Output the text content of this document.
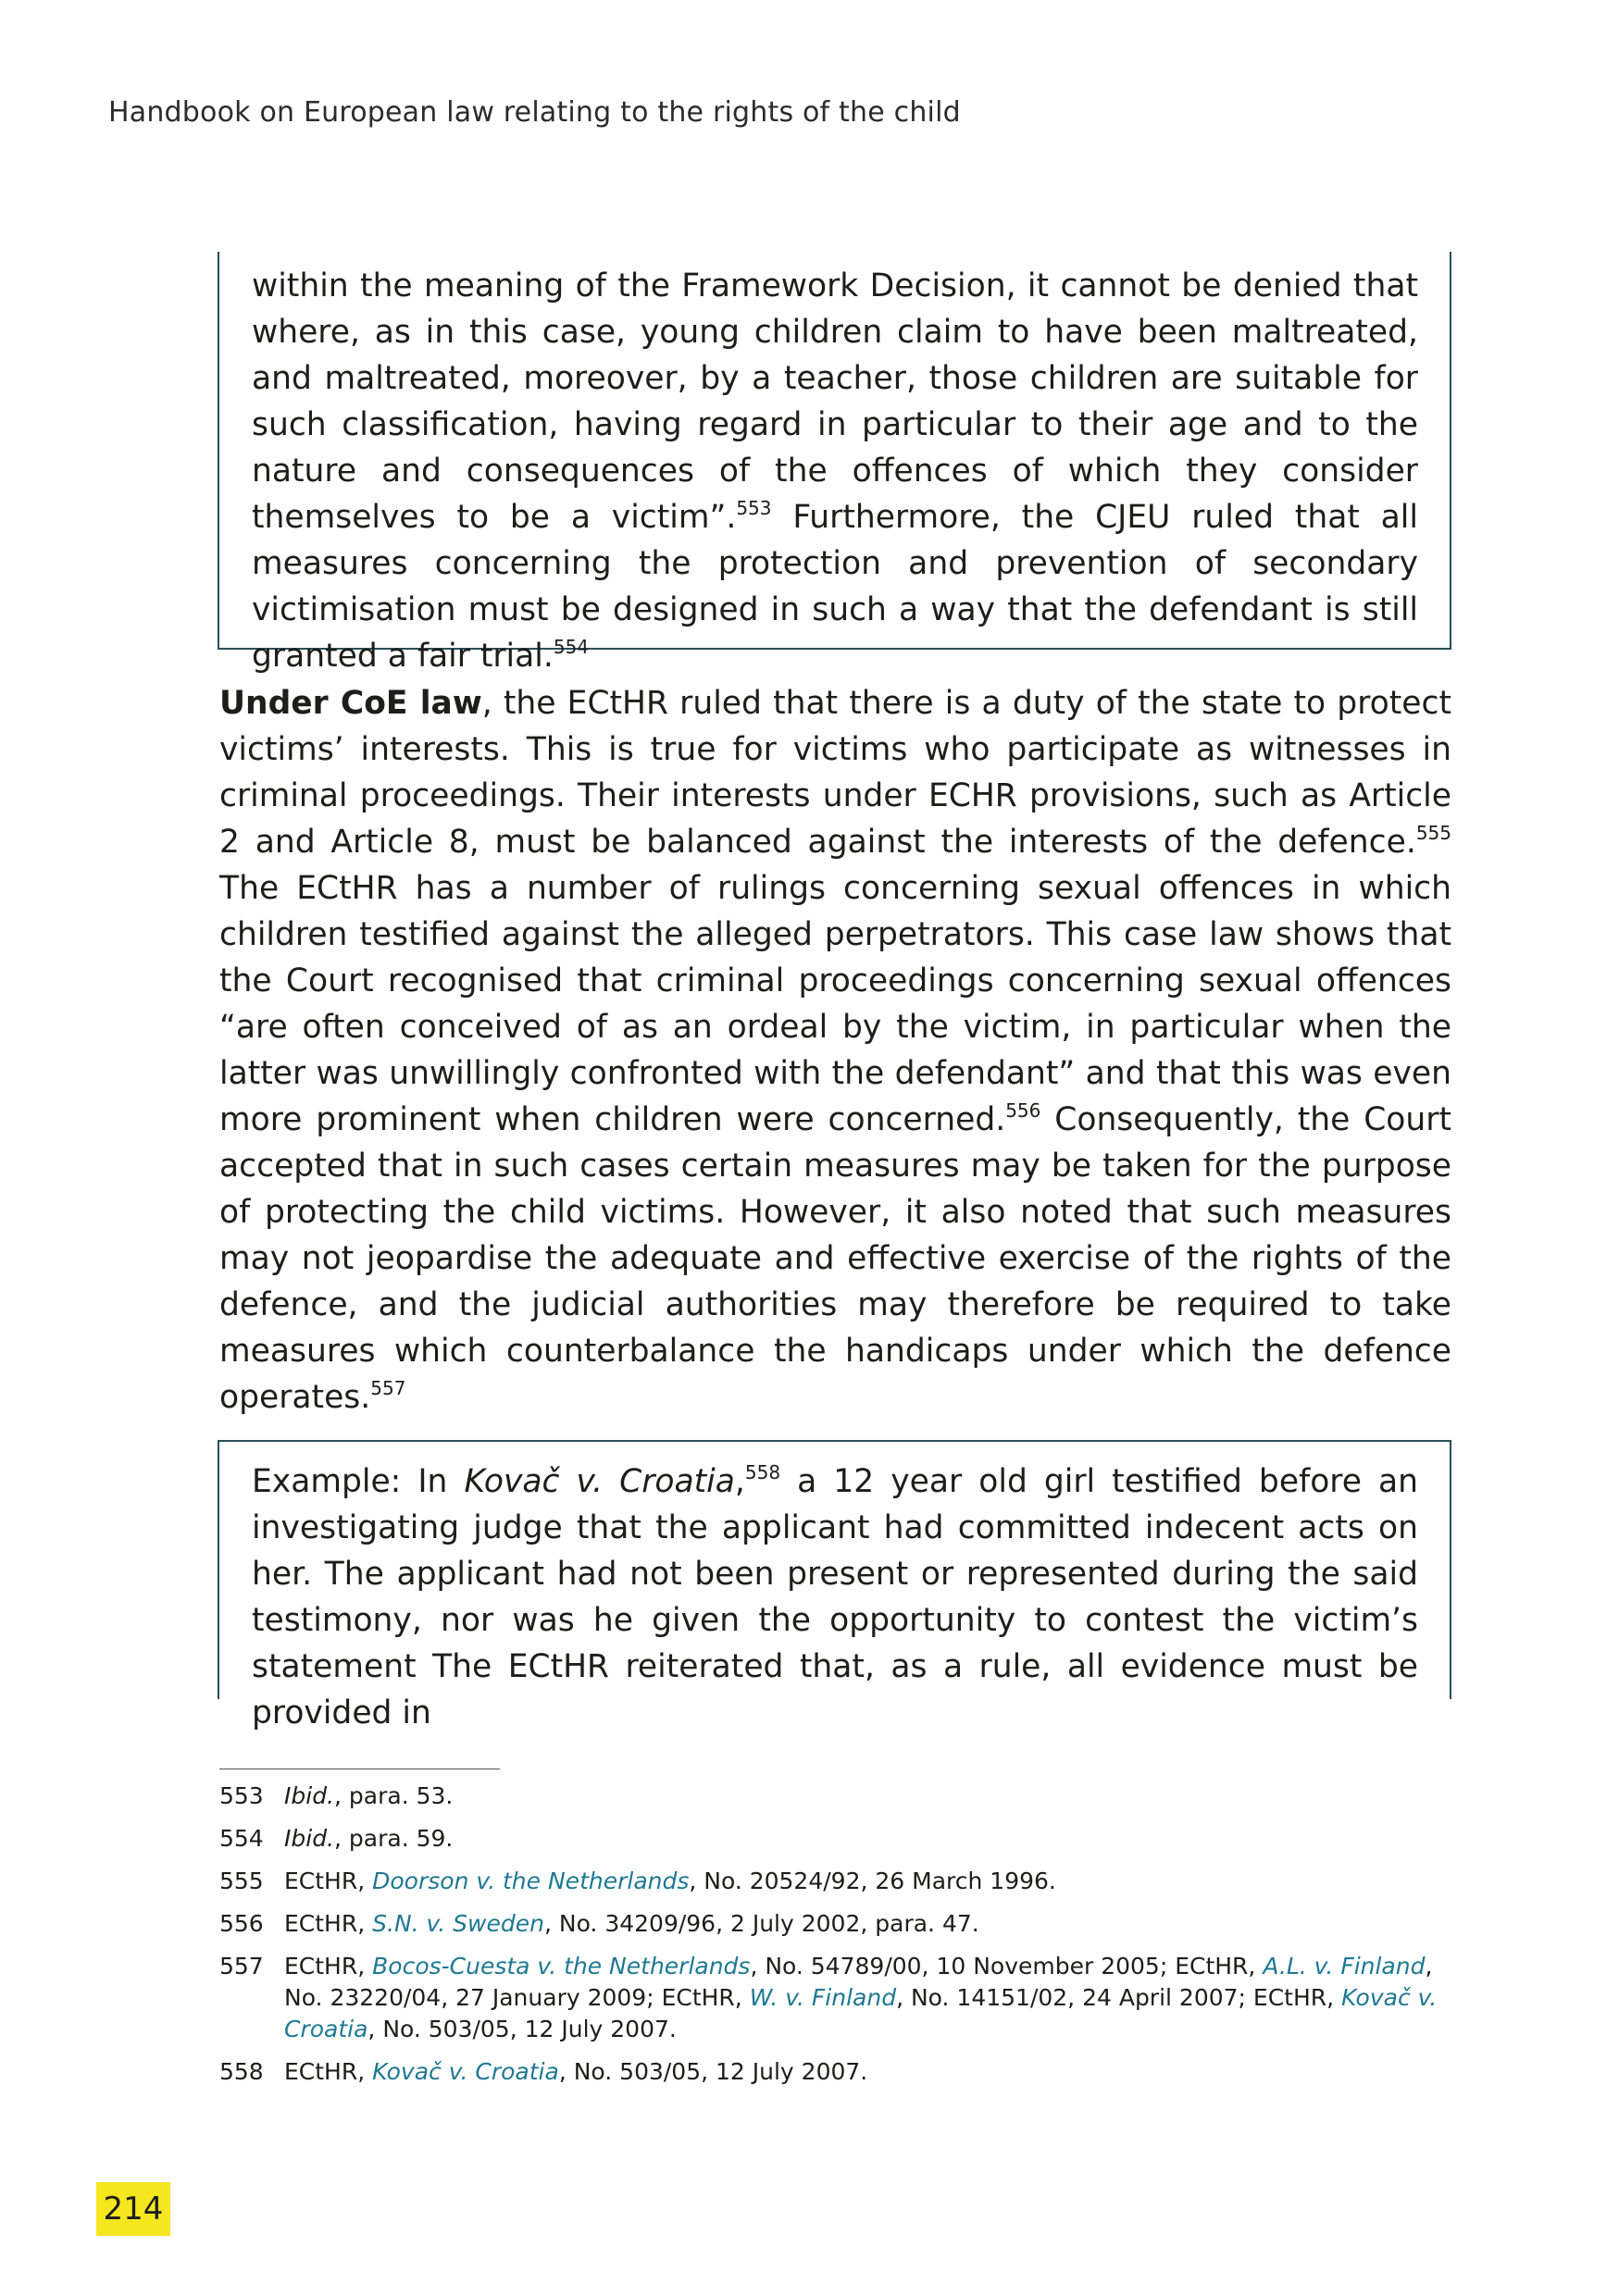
Handbook on European law relating to the rights of the child

within the meaning of the Framework Decision, it cannot be denied that where, as in this case, young children claim to have been maltreated, and maltreated, moreover, by a teacher, those children are suitable for such classification, having regard in particular to their age and to the nature and consequences of the offences of which they consider themselves to be a victim”.$^{553}$ Furthermore, the CJEU ruled that all measures concerning the protection and prevention of secondary victimisation must be designed in such a way that the defendant is still granted a fair trial.$^{554}$

Under CoE law, the ECtHR ruled that there is a duty of the state to protect victims’ interests. This is true for victims who participate as witnesses in criminal proceedings. Their interests under ECHR provisions, such as Article 2 and Article 8, must be balanced against the interests of the defence.$^{555}$ The ECtHR has a number of rulings concerning sexual offences in which children testified against the alleged perpetrators. This case law shows that the Court recognised that criminal proceedings concerning sexual offences “are often conceived of as an ordeal by the victim, in particular when the latter was unwillingly confronted with the defendant” and that this was even more prominent when children were concerned.$^{556}$ Consequently, the Court accepted that in such cases certain measures may be taken for the purpose of protecting the child victims. However, it also noted that such measures may not jeopardise the adequate and effective exercise of the rights of the defence, and the judicial authorities may therefore be required to take measures which counterbalance the handicaps under which the defence operates.$^{557}$

Example: In Kovač v. Croatia,$^{558}$ a 12 year old girl testified before an investigating judge that the applicant had committed indecent acts on her. The applicant had not been present or represented during the said testimony, nor was he given the opportunity to contest the victim’s statement The ECtHR reiterated that, as a rule, all evidence must be provided in

553 Ibid., para. 53.
554 Ibid., para. 59.
555 ECtHR, Doorson v. the Netherlands, No. 20524/92, 26 March 1996.
556 ECtHR, S.N. v. Sweden, No. 34209/96, 2 July 2002, para. 47.
557 ECtHR, Bocos-Cuesta v. the Netherlands, No. 54789/00, 10 November 2005; ECtHR, A.L. v. Finland, No. 23220/04, 27 January 2009; ECtHR, W. v. Finland, No. 14151/02, 24 April 2007; ECtHR, Kovač v. Croatia, No. 503/05, 12 July 2007.
558 ECtHR, Kovač v. Croatia, No. 503/05, 12 July 2007.
214
